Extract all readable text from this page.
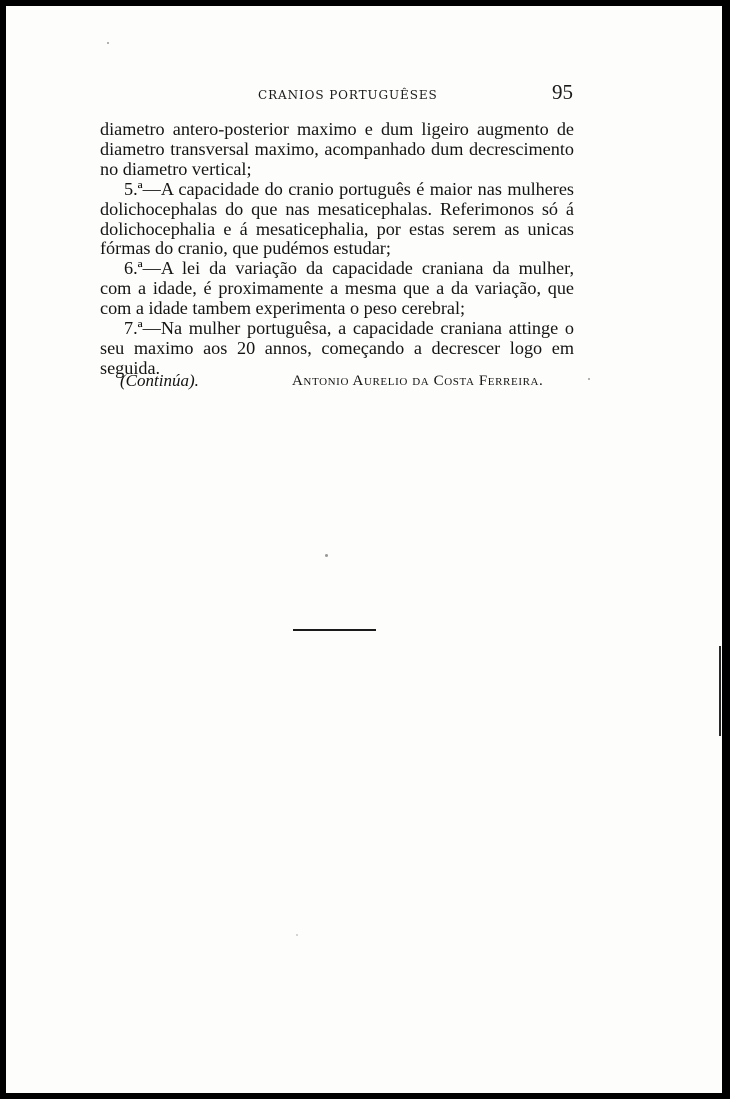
CRANIOS PORTUGUÊSES	95

diametro antero-posterior maximo e dum ligeiro augmento de diametro transversal maximo, acompanhado dum decrescimento no diametro vertical;

5.ª—A capacidade do cranio português é maior nas mulheres dolichocephalas do que nas mesaticephalas. Referimonos só á dolichocephalia e á mesaticephalia, por estas serem as unicas fórmas do cranio, que pudémos estudar;

6.ª—A lei da variação da capacidade craniana da mulher, com a idade, é proximamente a mesma que a da variação, que com a idade tambem experimenta o peso cerebral;

7.ª—Na mulher portuguêsa, a capacidade craniana attinge o seu maximo aos 20 annos, começando a decrescer logo em seguida.

(Continúa).	Antonio Aurelio da Costa Ferreira.
